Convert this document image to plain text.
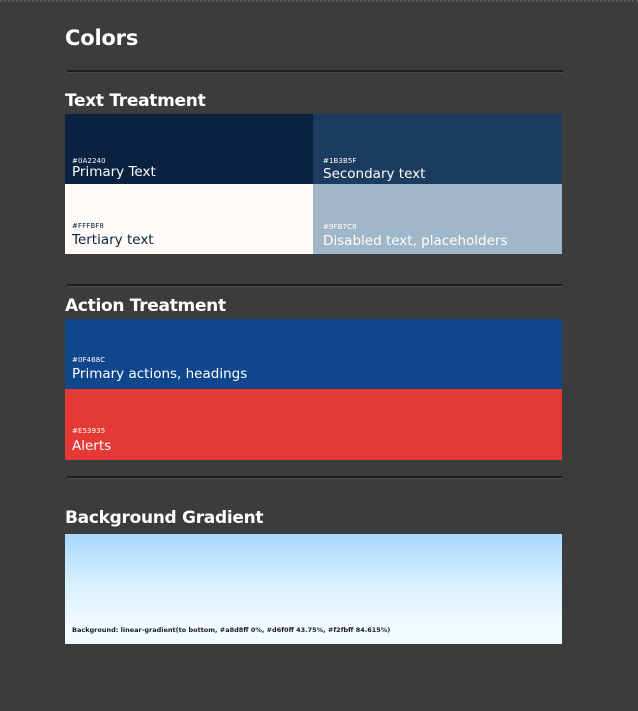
Colors
Text Treatment
#0A2240
Primary Text
#1B3B5F
Secondary text
#FFFBF8
Tertiary text
#9FB7C8
Disabled text, placeholders
Action Treatment
#0F468C
Primary actions, headings
#E53935
Alerts
Background Gradient
Background: linear-gradient(to bottom, #a8d8ff 0%, #d6f0ff 43.75%, #f2fbff 84.615%)
